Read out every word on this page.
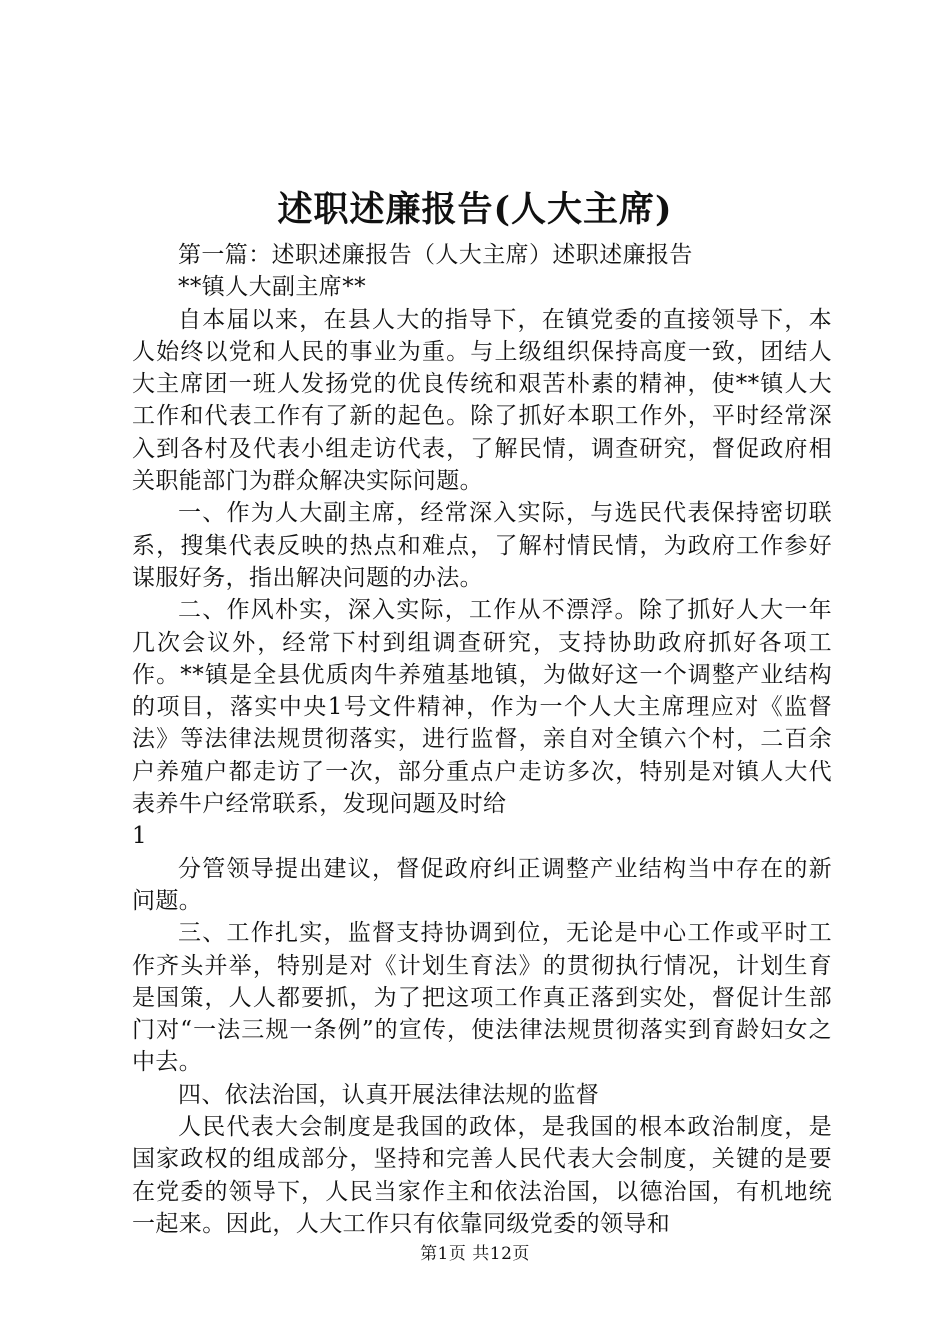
述职述廉报告(人大主席)

第一篇：述职述廉报告（人大主席）述职述廉报告

**镇人大副主席**

自本届以来，在县人大的指导下，在镇党委的直接领导下，本人始终以党和人民的事业为重。与上级组织保持高度一致，团结人大主席团一班人发扬党的优良传统和艰苦朴素的精神，使**镇人大工作和代表工作有了新的起色。除了抓好本职工作外，平时经常深入到各村及代表小组走访代表，了解民情，调查研究，督促政府相关职能部门为群众解决实际问题。

一、作为人大副主席，经常深入实际，与选民代表保持密切联系，搜集代表反映的热点和难点，了解村情民情，为政府工作参好谋服好务，指出解决问题的办法。

二、作风朴实，深入实际，工作从不漂浮。除了抓好人大一年几次会议外，经常下村到组调查研究，支持协助政府抓好各项工作。**镇是全县优质肉牛养殖基地镇，为做好这一个调整产业结构的项目，落实中央1号文件精神，作为一个人大主席理应对《监督法》等法律法规贯彻落实，进行监督，亲自对全镇六个村，二百余户养殖户都走访了一次，部分重点户走访多次，特别是对镇人大代表养牛户经常联系，发现问题及时给

1

分管领导提出建议，督促政府纠正调整产业结构当中存在的新问题。

三、工作扎实，监督支持协调到位，无论是中心工作或平时工作齐头并举，特别是对《计划生育法》的贯彻执行情况，计划生育是国策，人人都要抓，为了把这项工作真正落到实处，督促计生部门对“一法三规一条例”的宣传，使法律法规贯彻落实到育龄妇女之中去。

四、依法治国，认真开展法律法规的监督

人民代表大会制度是我国的政体，是我国的根本政治制度，是国家政权的组成部分，坚持和完善人民代表大会制度，关键的是要在党委的领导下，人民当家作主和依法治国，以德治国，有机地统一起来。因此，人大工作只有依靠同级党委的领导和

第1页 共12页
